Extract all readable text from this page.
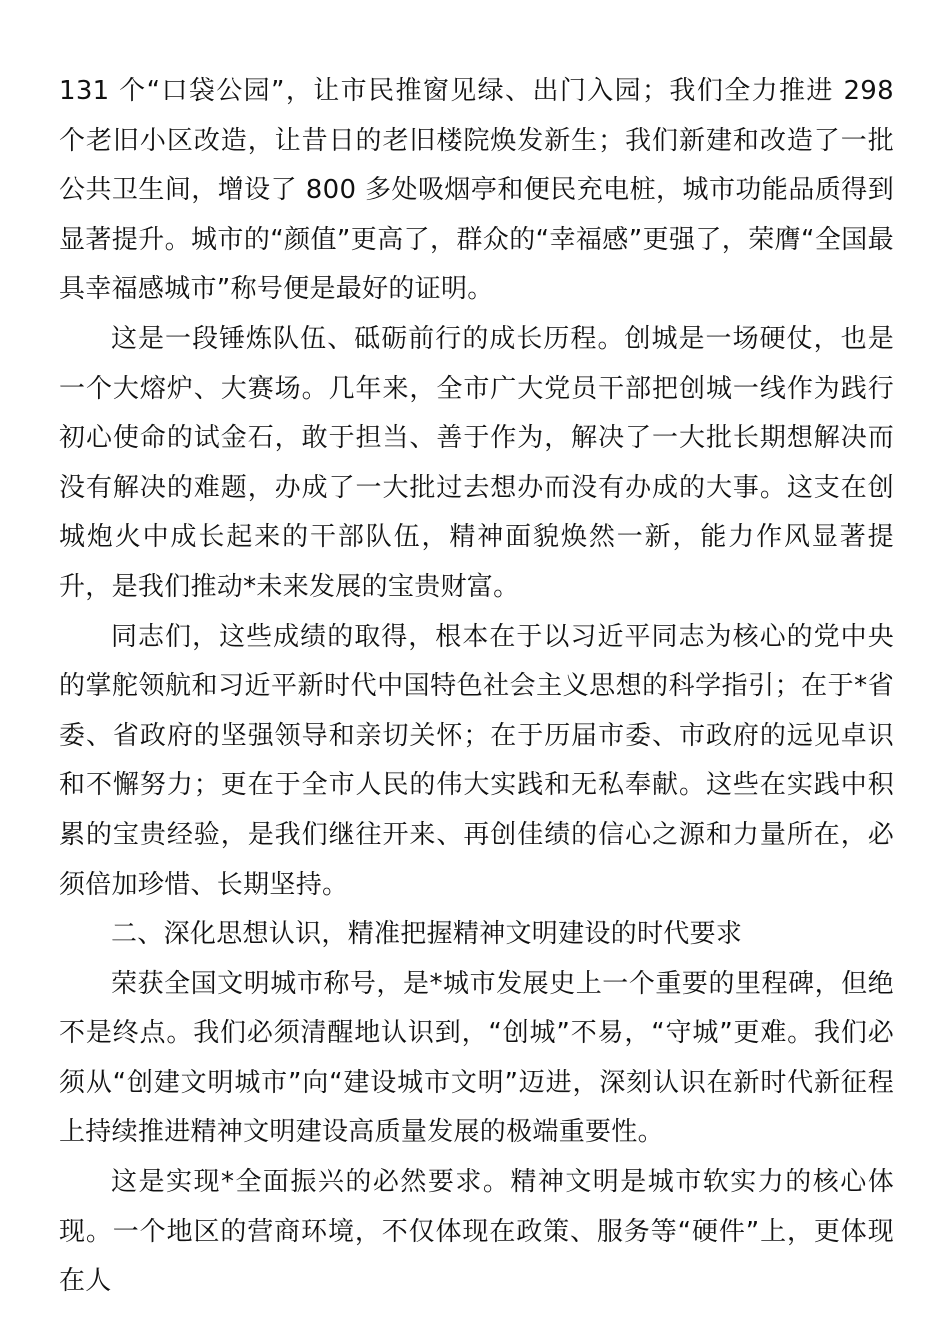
131 个“口袋公园”，让市民推窗见绿、出门入园；我们全力推进 298 个老旧小区改造，让昔日的老旧楼院焕发新生；我们新建和改造了一批公共卫生间，增设了 800 多处吸烟亭和便民充电桩，城市功能品质得到显著提升。城市的“颜值”更高了，群众的“幸福感”更强了，荣膺“全国最具幸福感城市”称号便是最好的证明。

这是一段锤炼队伍、砥砺前行的成长历程。创城是一场硬仗，也是一个大熔炉、大赛场。几年来，全市广大党员干部把创城一线作为践行初心使命的试金石，敢于担当、善于作为，解决了一大批长期想解决而没有解决的难题，办成了一大批过去想办而没有办成的大事。这支在创城炮火中成长起来的干部队伍，精神面貌焕然一新，能力作风显著提升，是我们推动*未来发展的宝贵财富。

同志们，这些成绩的取得，根本在于以习近平同志为核心的党中央的掌舵领航和习近平新时代中国特色社会主义思想的科学指引；在于*省委、省政府的坚强领导和亲切关怀；在于历届市委、市政府的远见卓识和不懈努力；更在于全市人民的伟大实践和无私奉献。这些在实践中积累的宝贵经验，是我们继往开来、再创佳绩的信心之源和力量所在，必须倍加珍惜、长期坚持。

二、深化思想认识，精准把握精神文明建设的时代要求

荣获全国文明城市称号，是*城市发展史上一个重要的里程碑，但绝不是终点。我们必须清醒地认识到，“创城”不易，“守城”更难。我们必须从“创建文明城市”向“建设城市文明”迈进，深刻认识在新时代新征程上持续推进精神文明建设高质量发展的极端重要性。

这是实现*全面振兴的必然要求。精神文明是城市软实力的核心体现。一个地区的营商环境，不仅体现在政策、服务等“硬件”上，更体现在人
